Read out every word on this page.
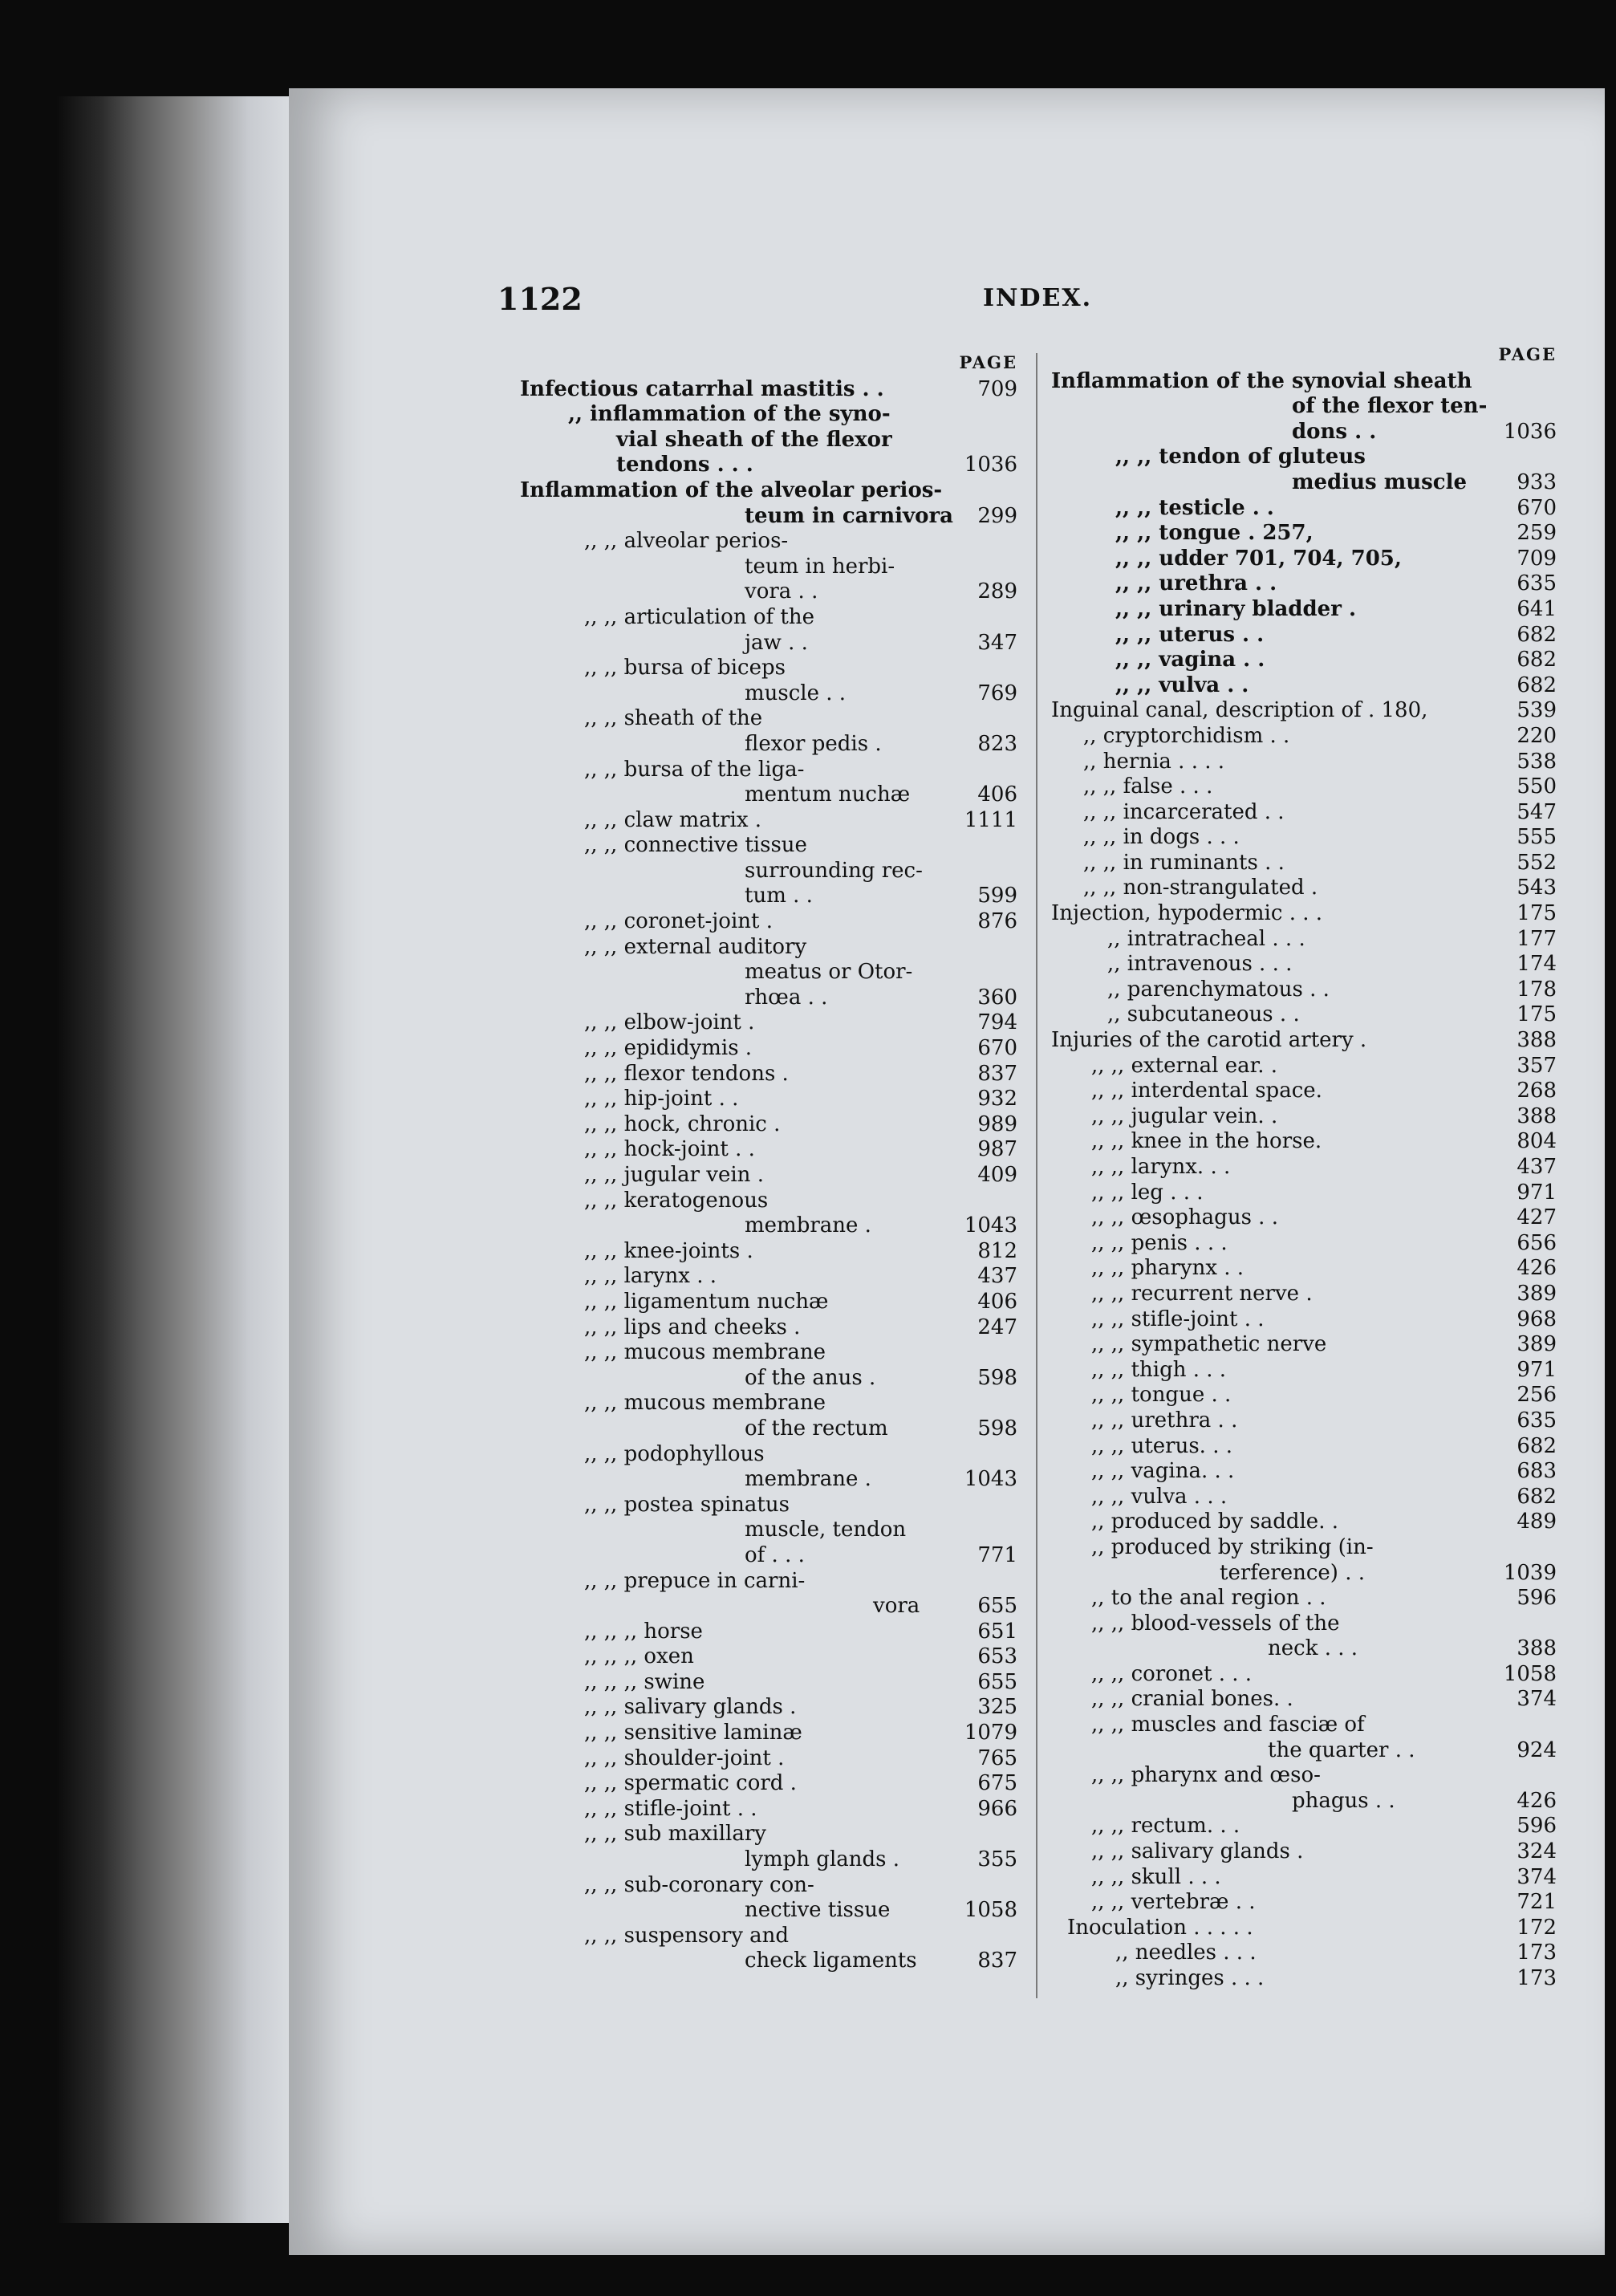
1122	INDEX.
PAGE
Infectious catarrhal mastitis . .	709
,, inflammation of the syno-
vial sheath of the flexor
tendons . . .	1036
Inflammation of the alveolar perios-
teum in carnivora	299
,, ,, alveolar perios-
teum in herbi-
vora . .	289
,, ,, articulation of the
jaw . .	347
,, ,, bursa of biceps
muscle . .	769
,, ,, sheath of the
flexor pedis .	823
,, ,, bursa of the liga-
mentum nuchæ	406
,, ,, claw matrix .	1111
,, ,, connective tissue
surrounding rec-
tum . .	599
,, ,, coronet-joint .	876
,, ,, external auditory
meatus or Otor-
rhœa . .	360
,, ,, elbow-joint .	794
,, ,, epididymis .	670
,, ,, flexor tendons .	837
,, ,, hip-joint . .	932
,, ,, hock, chronic .	989
,, ,, hock-joint . .	987
,, ,, jugular vein .	409
,, ,, keratogenous
membrane .	1043
,, ,, knee-joints .	812
,, ,, larynx . .	437
,, ,, ligamentum nuchæ	406
,, ,, lips and cheeks .	247
,, ,, mucous membrane
of the anus .	598
,, ,, mucous membrane
of the rectum	598
,, ,, podophyllous
membrane .	1043
,, ,, postea spinatus
muscle, tendon
of . . .	771
,, ,, prepuce in carni-
vora	655
,, ,, ,, horse	651
,, ,, ,, oxen	653
,, ,, ,, swine	655
,, ,, salivary glands .	325
,, ,, sensitive laminæ	1079
,, ,, shoulder-joint .	765
,, ,, spermatic cord .	675
,, ,, stifle-joint . .	966
,, ,, sub maxillary
lymph glands .	355
,, ,, sub-coronary con-
nective tissue	1058
,, ,, suspensory and
check ligaments	837
PAGE
Inflammation of the synovial sheath
of the flexor ten-
dons . .	1036
,, ,, tendon of gluteus
medius muscle	933
,, ,, testicle . .	670
,, ,, tongue . 257,	259
,, ,, udder 701, 704, 705,	709
,, ,, urethra . .	635
,, ,, urinary bladder .	641
,, ,, uterus . .	682
,, ,, vagina . .	682
,, ,, vulva . .	682
Inguinal canal, description of . 180,	539
,, cryptorchidism . .	220
,, hernia . . . .	538
,, ,, false . . .	550
,, ,, incarcerated . .	547
,, ,, in dogs . . .	555
,, ,, in ruminants . .	552
,, ,, non-strangulated .	543
Injection, hypodermic . . .	175
,, intratracheal . . .	177
,, intravenous . . .	174
,, parenchymatous . .	178
,, subcutaneous . .	175
Injuries of the carotid artery .	388
,, ,, external ear. .	357
,, ,, interdental space.	268
,, ,, jugular vein. .	388
,, ,, knee in the horse.	804
,, ,, larynx. . .	437
,, ,, leg . . .	971
,, ,, œsophagus . .	427
,, ,, penis . . .	656
,, ,, pharynx . .	426
,, ,, recurrent nerve .	389
,, ,, stifle-joint . .	968
,, ,, sympathetic nerve	389
,, ,, thigh . . .	971
,, ,, tongue . .	256
,, ,, urethra . .	635
,, ,, uterus. . .	682
,, ,, vagina. . .	683
,, ,, vulva . . .	682
,, produced by saddle. .	489
,, produced by striking (in-
terference) . .	1039
,, to the anal region . .	596
,, ,, blood-vessels of the
neck . . .	388
,, ,, coronet . . .	1058
,, ,, cranial bones. .	374
,, ,, muscles and fasciæ of
the quarter . .	924
,, ,, pharynx and œso-
phagus . .	426
,, ,, rectum. . .	596
,, ,, salivary glands .	324
,, ,, skull . . .	374
,, ,, vertebræ . .	721
Inoculation . . . . .	172
,, needles . . .	173
,, syringes . . .	173
